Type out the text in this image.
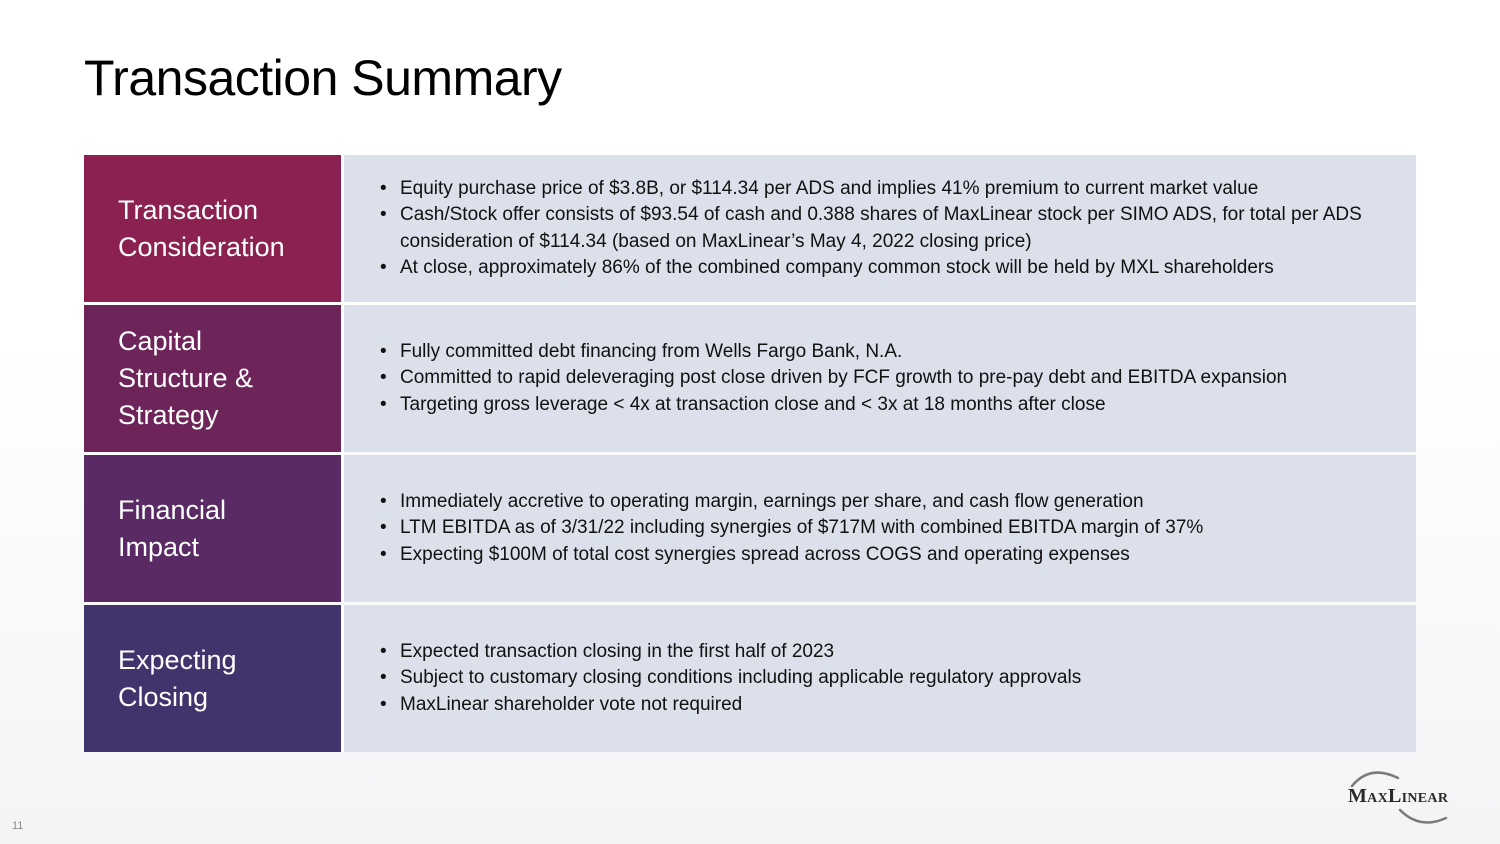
Transaction Summary
Transaction
Consideration
• Equity purchase price of $3.8B, or $114.34 per ADS and implies 41% premium to current market value
• Cash/Stock offer consists of $93.54 of cash and 0.388 shares of MaxLinear stock per SIMO ADS, for total per ADS consideration of $114.34 (based on MaxLinear’s May 4, 2022 closing price)
• At close, approximately 86% of the combined company common stock will be held by MXL shareholders
Capital
Structure &
Strategy
• Fully committed debt financing from Wells Fargo Bank, N.A.
• Committed to rapid deleveraging post close driven by FCF growth to pre-pay debt and EBITDA expansion
• Targeting gross leverage < 4x at transaction close and < 3x at 18 months after close
Financial
Impact
• Immediately accretive to operating margin, earnings per share, and cash flow generation
• LTM EBITDA as of 3/31/22 including synergies of $717M with combined EBITDA margin of 37%
• Expecting $100M of total cost synergies spread across COGS and operating expenses
Expecting
Closing
• Expected transaction closing in the first half of 2023
• Subject to customary closing conditions including applicable regulatory approvals
• MaxLinear shareholder vote not required
11
MaxLinear
